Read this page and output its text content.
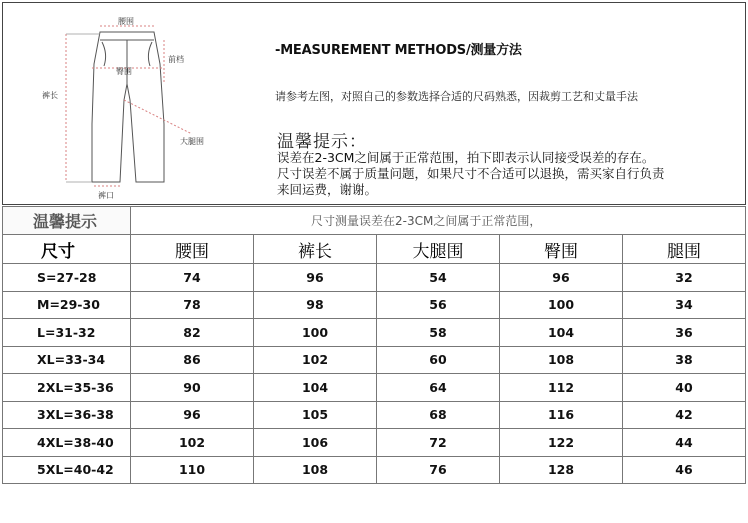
腰围
裤长
臀围
前档
大腿围
裤口
-MEASUREMENT METHODS/测量方法
请参考左图，对照自己的参数选择合适的尺码熟悉，因裁剪工艺和丈量手法
温馨提示：
误差在2-3CM之间属于正常范围，拍下即表示认同接受误差的存在。
尺寸误差不属于质量问题，如果尺寸不合适可以退换，需买家自行负责
来回运费，谢谢。
温馨提示	尺寸测量误差在2-3CM之间属于正常范围，				
尺寸	腰围	裤长	大腿围	臀围	腿围
S=27-28	74	96	54	96	32
M=29-30	78	98	56	100	34
L=31-32	82	100	58	104	36
XL=33-34	86	102	60	108	38
2XL=35-36	90	104	64	112	40
3XL=36-38	96	105	68	116	42
4XL=38-40	102	106	72	122	44
5XL=40-42	110	108	76	128	46
